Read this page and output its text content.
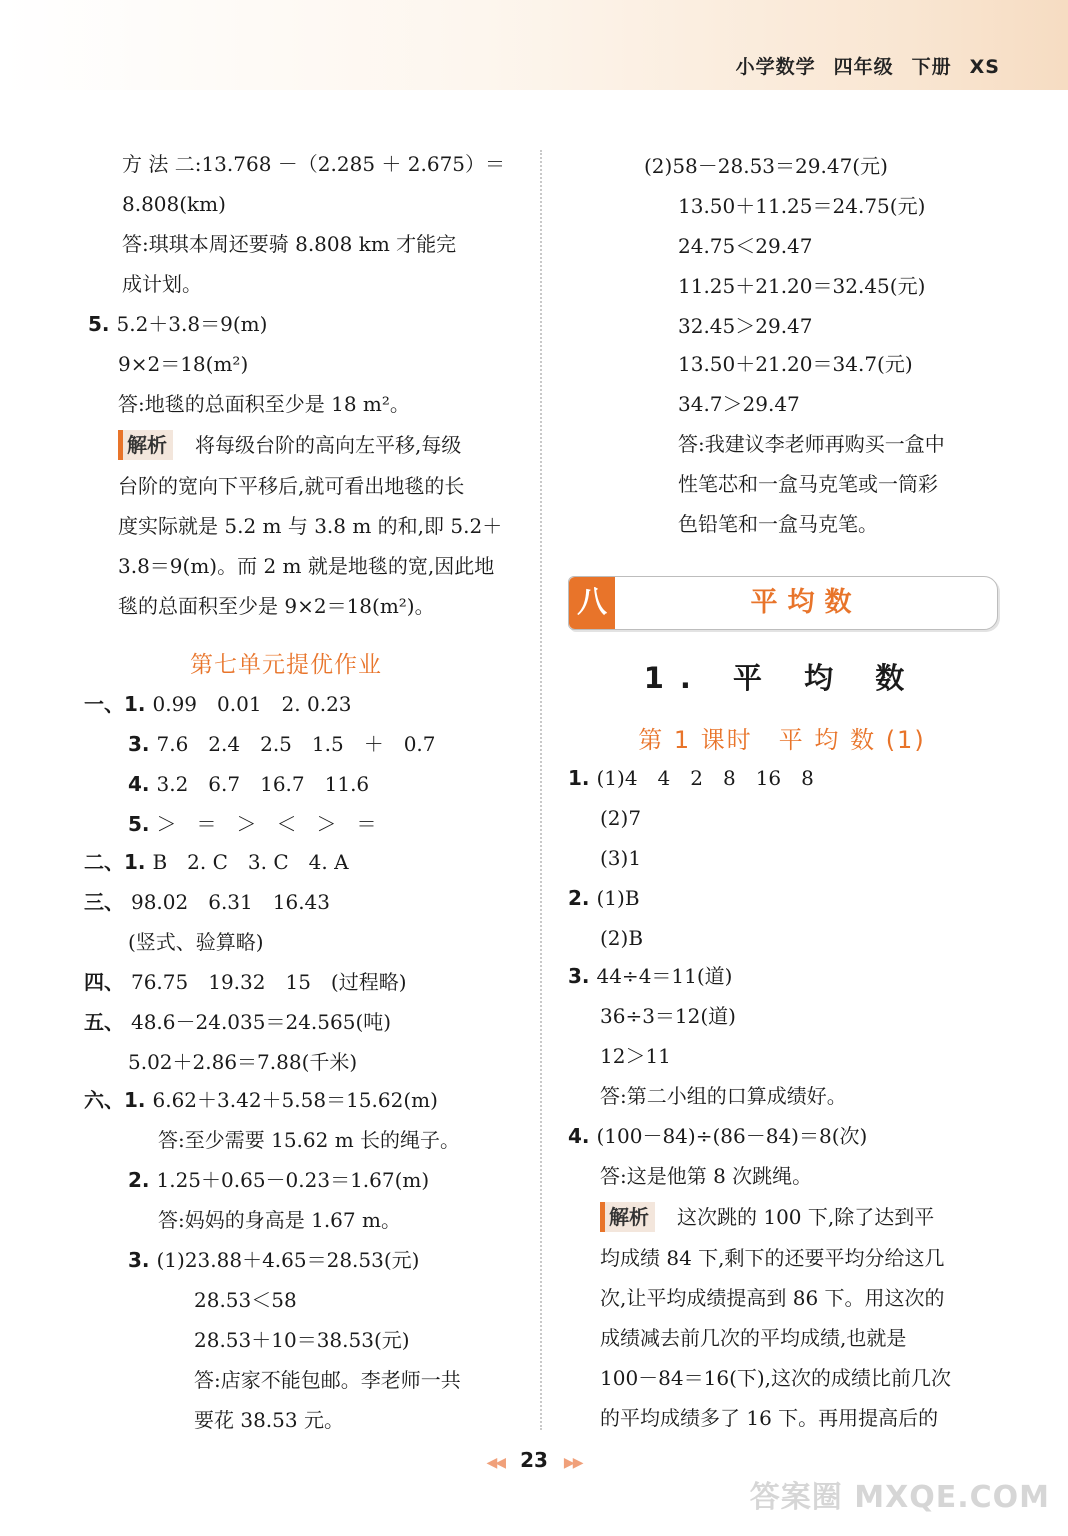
小学数学 四年级 下册 XS
方 法 二:13.768 －（2.285 ＋ 2.675）＝
8.808(km)
答:琪琪本周还要骑 8.808 km 才能完
成计划。
5. 5.2＋3.8＝9(m)
9×2＝18(m²)
答:地毯的总面积至少是 18 m²。
解析 将每级台阶的高向左平移,每级
台阶的宽向下平移后,就可看出地毯的长
度实际就是 5.2 m 与 3.8 m 的和,即 5.2＋
3.8＝9(m)。而 2 m 就是地毯的宽,因此地
毯的总面积至少是 9×2＝18(m²)。
一、1. 0.99　0.01　2. 0.23
3. 7.6　2.4　2.5　1.5　＋　0.7
4. 3.2　6.7　16.7　11.6
5. ＞　＝　＞　＜　＞　＝
二、1. B　2. C　3. C　4. A
三、 98.02　6.31　16.43
(竖式、验算略)
四、 76.75　19.32　15　(过程略)
五、 48.6－24.035＝24.565(吨)
5.02＋2.86＝7.88(千米)
六、1. 6.62＋3.42＋5.58＝15.62(m)
答:至少需要 15.62 m 长的绳子。
2. 1.25＋0.65－0.23＝1.67(m)
答:妈妈的身高是 1.67 m。
3. (1)23.88＋4.65＝28.53(元)
28.53＜58
28.53＋10＝38.53(元)
答:店家不能包邮。李老师一共
要花 38.53 元。
(2)58－28.53＝29.47(元)
13.50＋11.25＝24.75(元)
24.75＜29.47
11.25＋21.20＝32.45(元)
32.45＞29.47
13.50＋21.20＝34.7(元)
34.7＞29.47
答:我建议李老师再购买一盒中
性笔芯和一盒马克笔或一筒彩
色铅笔和一盒马克笔。
1. (1)4　4　2　8　16　8
(2)7
(3)1
2. (1)B
(2)B
3. 44÷4＝11(道)
36÷3＝12(道)
12＞11
答:第二小组的口算成绩好。
4. (100－84)÷(86－84)＝8(次)
答:这是他第 8 次跳绳。
解析 这次跳的 100 下,除了达到平
均成绩 84 下,剩下的还要平均分给这几
次,让平均成绩提高到 86 下。用这次的
成绩减去前几次的平均成绩,也就是
100－84＝16(下),这次的成绩比前几次
的平均成绩多了 16 下。再用提高后的
第七单元提优作业
八	平均数
1. 平 均 数
第 1 课时　平 均 数 (1)
◀◀ 23 ▶▶
答案圈 MXQE.COM
